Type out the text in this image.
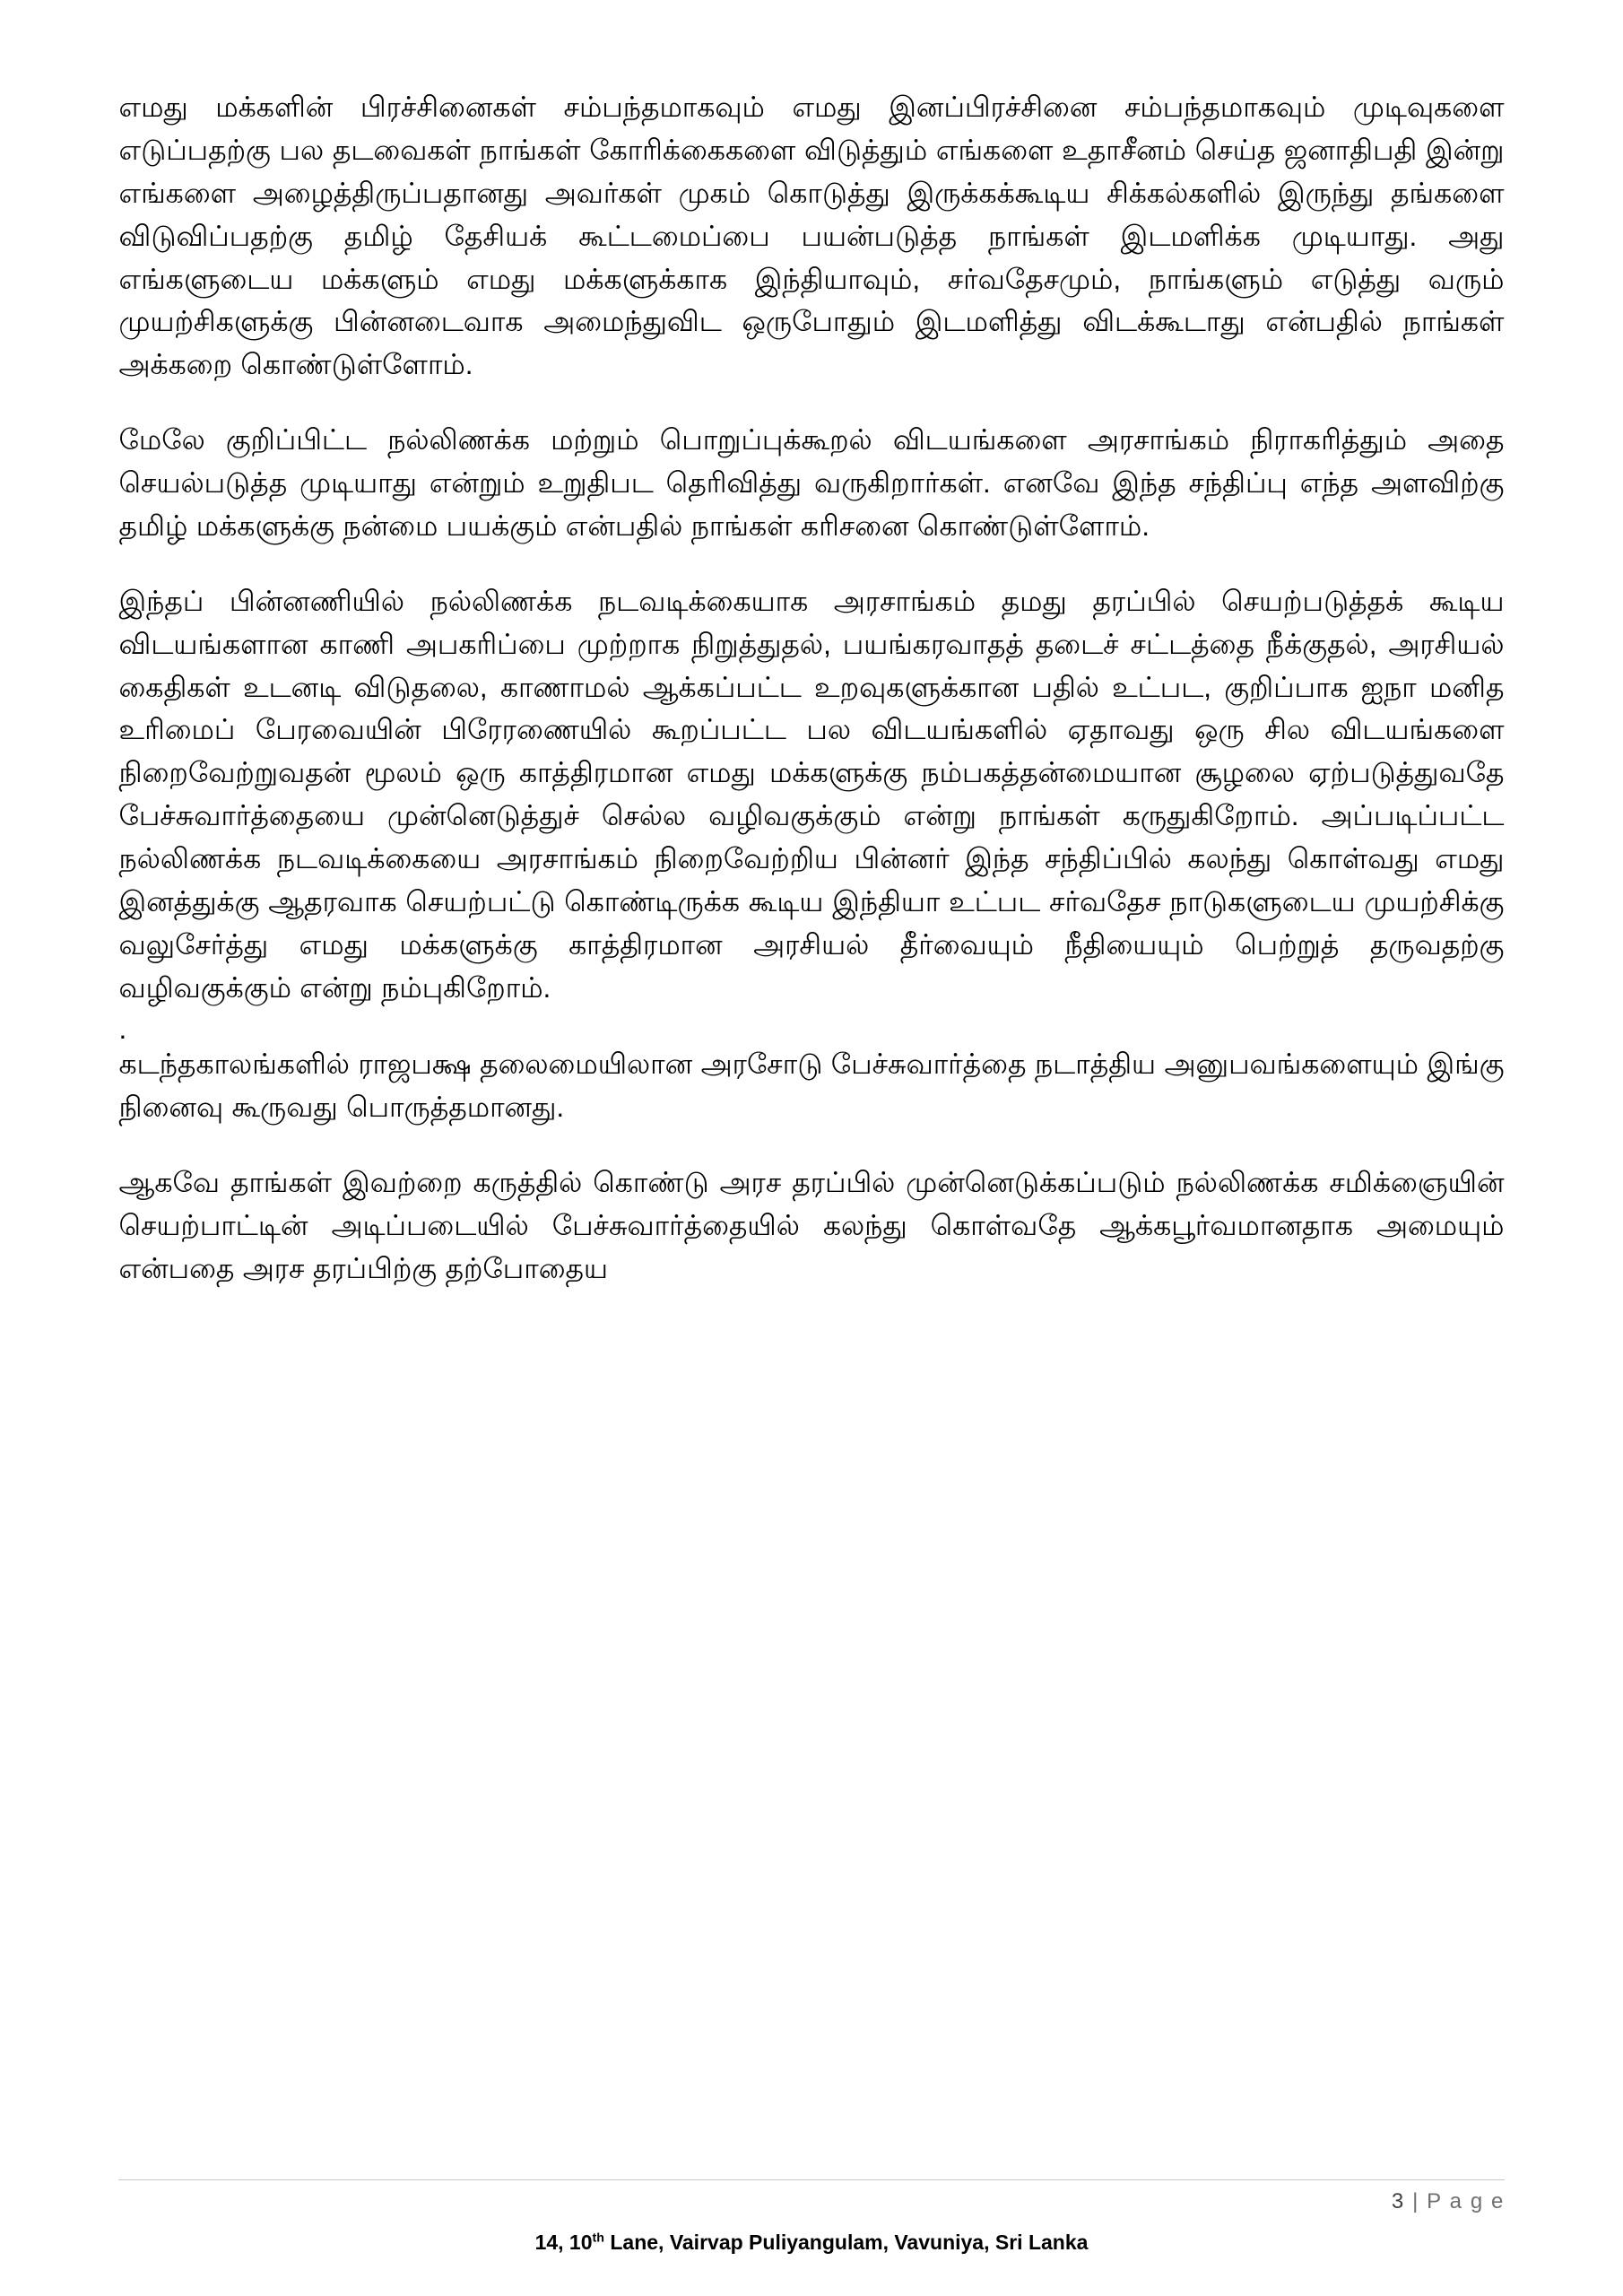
எமது மக்களின் பிரச்சினைகள் சம்பந்தமாகவும் எமது இனப்பிரச்சினை சம்பந்தமாகவும் முடிவுகளை எடுப்பதற்கு பல தடவைகள் நாங்கள் கோரிக்கைகளை விடுத்தும் எங்களை உதாசீனம் செய்த ஜனாதிபதி இன்று எங்களை அழைத்திருப்பதானது அவர்கள் முகம் கொடுத்து இருக்கக்கூடிய சிக்கல்களில் இருந்து தங்களை விடுவிப்பதற்கு தமிழ் தேசியக் கூட்டமைப்பை பயன்படுத்த நாங்கள் இடமளிக்க முடியாது. அது எங்களுடைய மக்களும் எமது மக்களுக்காக இந்தியாவும், சர்வதேசமும், நாங்களும் எடுத்து வரும் முயற்சிகளுக்கு பின்னடைவாக அமைந்துவிட ஒருபோதும் இடமளித்து விடக்கூடாது என்பதில் நாங்கள் அக்கறை கொண்டுள்ளோம்.

மேலே குறிப்பிட்ட நல்லிணக்க மற்றும் பொறுப்புக்கூறல் விடயங்களை அரசாங்கம் நிராகரித்தும் அதை செயல்படுத்த முடியாது என்றும் உறுதிபட தெரிவித்து வருகிறார்கள். எனவே இந்த சந்திப்பு எந்த அளவிற்கு தமிழ் மக்களுக்கு நன்மை பயக்கும் என்பதில் நாங்கள் கரிசனை கொண்டுள்ளோம்.

இந்தப் பின்னணியில் நல்லிணக்க நடவடிக்கையாக அரசாங்கம் தமது தரப்பில் செயற்படுத்தக் கூடிய விடயங்களான காணி அபகரிப்பை முற்றாக நிறுத்துதல், பயங்கரவாதத் தடைச் சட்டத்தை நீக்குதல், அரசியல் கைதிகள் உடனடி விடுதலை, காணாமல் ஆக்கப்பட்ட உறவுகளுக்கான பதில் உட்பட, குறிப்பாக ஐநா மனித உரிமைப் பேரவையின் பிரேரணையில் கூறப்பட்ட பல விடயங்களில் ஏதாவது ஒரு சில விடயங்களை நிறைவேற்றுவதன் மூலம் ஒரு காத்திரமான எமது மக்களுக்கு நம்பகத்தன்மையான சூழலை ஏற்படுத்துவதே பேச்சுவார்த்தையை முன்னெடுத்துச் செல்ல வழிவகுக்கும் என்று நாங்கள் கருதுகிறோம். அப்படிப்பட்ட நல்லிணக்க நடவடிக்கையை அரசாங்கம் நிறைவேற்றிய பின்னர் இந்த சந்திப்பில் கலந்து கொள்வது எமது இனத்துக்கு ஆதரவாக செயற்பட்டு கொண்டிருக்க கூடிய இந்தியா உட்பட சர்வதேச நாடுகளுடைய முயற்சிக்கு வலுசேர்த்து எமது மக்களுக்கு காத்திரமான அரசியல் தீர்வையும் நீதியையும் பெற்றுத் தருவதற்கு வழிவகுக்கும் என்று நம்புகிறோம்.

.

கடந்தகாலங்களில் ராஜபக்ஷ தலைமையிலான அரசோடு பேச்சுவார்த்தை நடாத்திய அனுபவங்களையும் இங்கு நினைவு கூருவது பொருத்தமானது.

ஆகவே தாங்கள் இவற்றை கருத்தில் கொண்டு அரச தரப்பில் முன்னெடுக்கப்படும் நல்லிணக்க சமிக்ஞையின் செயற்பாட்டின் அடிப்படையில் பேச்சுவார்த்தையில் கலந்து கொள்வதே ஆக்கபூர்வமானதாக அமையும் என்பதை அரச தரப்பிற்கு தற்போதைய

3 | P a g e
14, 10th Lane, Vairvap Puliyangulam, Vavuniya, Sri Lanka
